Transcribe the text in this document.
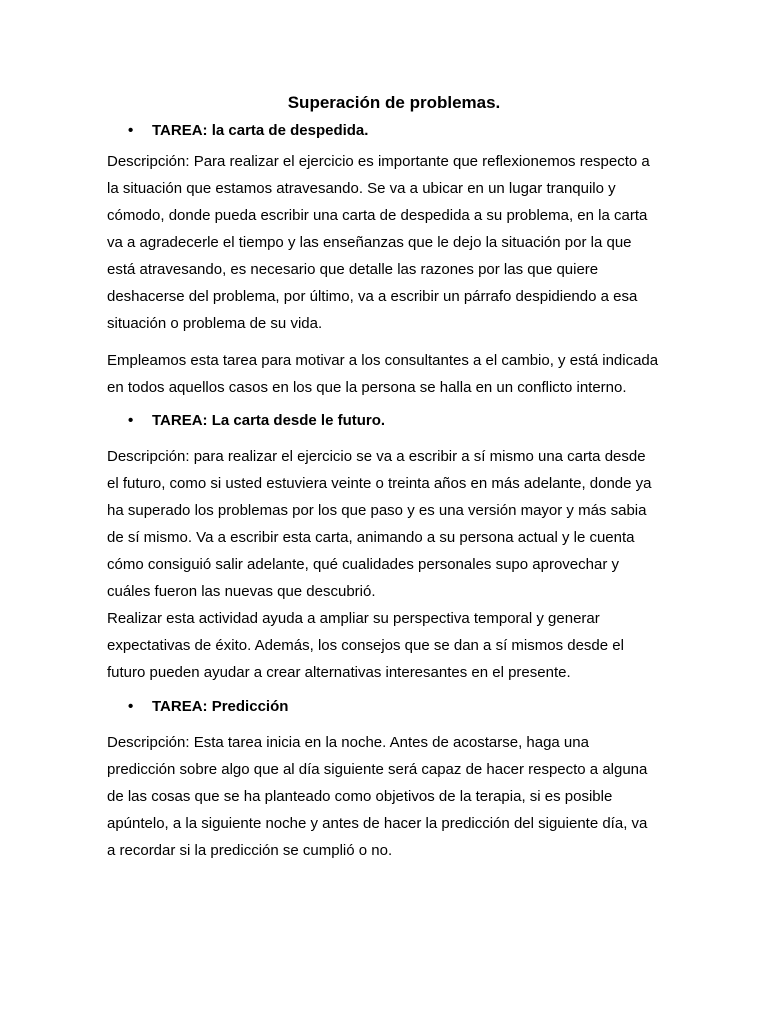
Superación de problemas.
• TAREA: la carta de despedida.

Descripción: Para realizar el ejercicio es importante que reflexionemos respecto a
la situación que estamos atravesando. Se va a ubicar en un lugar tranquilo y
cómodo, donde pueda escribir una carta de despedida a su problema, en la carta
va a agradecerle el tiempo y las enseñanzas que le dejo la situación por la que
está atravesando, es necesario que detalle las razones por las que quiere
deshacerse del problema, por último, va a escribir un párrafo despidiendo a esa
situación o problema de su vida.

Empleamos esta tarea para motivar a los consultantes a el cambio, y está indicada
en todos aquellos casos en los que la persona se halla en un conflicto interno.

• TAREA: La carta desde le futuro.

Descripción: para realizar el ejercicio se va a escribir a sí mismo una carta desde
el futuro, como si usted estuviera veinte o treinta años en más adelante, donde ya
ha superado los problemas por los que paso y es una versión mayor y más sabia
de sí mismo. Va a escribir esta carta, animando a su persona actual y le cuenta
cómo consiguió salir adelante, qué cualidades personales supo aprovechar y
cuáles fueron las nuevas que descubrió.
Realizar esta actividad ayuda a ampliar su perspectiva temporal y generar
expectativas de éxito. Además, los consejos que se dan a sí mismos desde el
futuro pueden ayudar a crear alternativas interesantes en el presente.

• TAREA: Predicción

Descripción: Esta tarea inicia en la noche. Antes de acostarse, haga una
predicción sobre algo que al día siguiente será capaz de hacer respecto a alguna
de las cosas que se ha planteado como objetivos de la terapia, si es posible
apúntelo, a la siguiente noche y antes de hacer la predicción del siguiente día, va
a recordar si la predicción se cumplió o no.
